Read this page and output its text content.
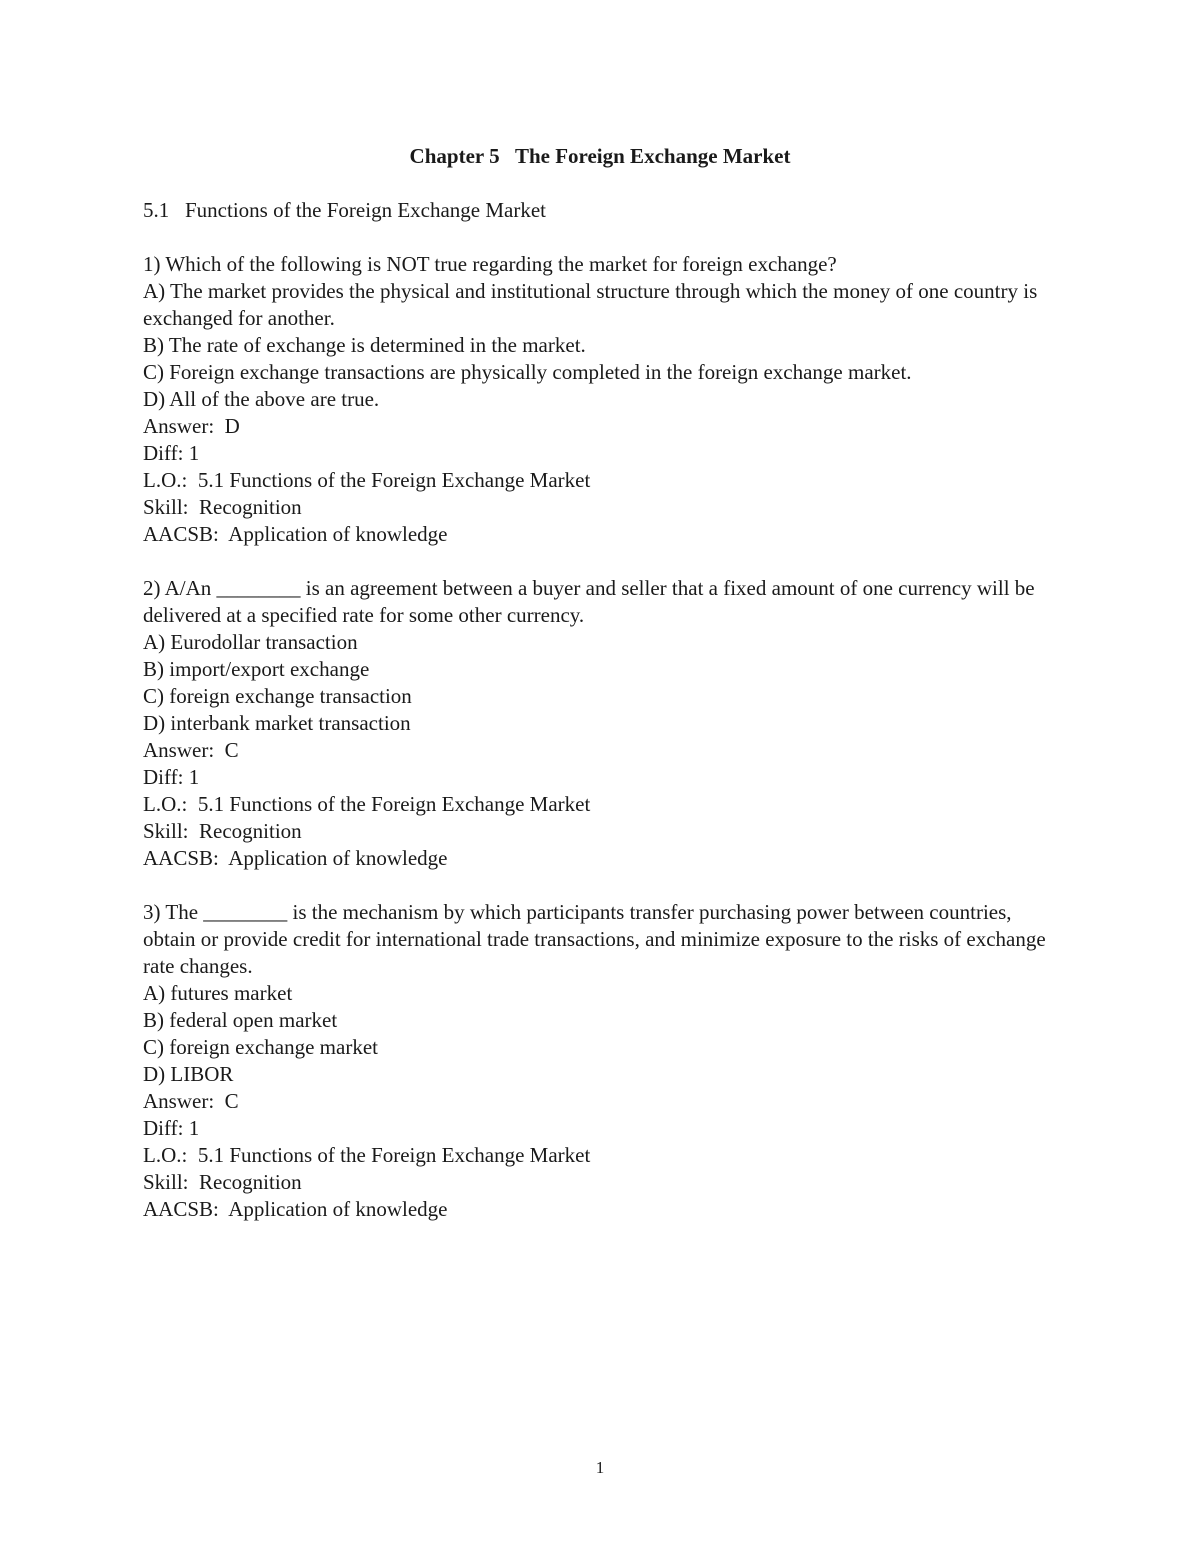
Chapter 5   The Foreign Exchange Market
5.1   Functions of the Foreign Exchange Market
1) Which of the following is NOT true regarding the market for foreign exchange?
A) The market provides the physical and institutional structure through which the money of one country is exchanged for another.
B) The rate of exchange is determined in the market.
C) Foreign exchange transactions are physically completed in the foreign exchange market.
D) All of the above are true.
Answer:  D
Diff: 1
L.O.:  5.1 Functions of the Foreign Exchange Market
Skill:  Recognition
AACSB:  Application of knowledge
2) A/An ________ is an agreement between a buyer and seller that a fixed amount of one currency will be delivered at a specified rate for some other currency.
A) Eurodollar transaction
B) import/export exchange
C) foreign exchange transaction
D) interbank market transaction
Answer:  C
Diff: 1
L.O.:  5.1 Functions of the Foreign Exchange Market
Skill:  Recognition
AACSB:  Application of knowledge
3) The ________ is the mechanism by which participants transfer purchasing power between countries, obtain or provide credit for international trade transactions, and minimize exposure to the risks of exchange rate changes.
A) futures market
B) federal open market
C) foreign exchange market
D) LIBOR
Answer:  C
Diff: 1
L.O.:  5.1 Functions of the Foreign Exchange Market
Skill:  Recognition
AACSB:  Application of knowledge
1
